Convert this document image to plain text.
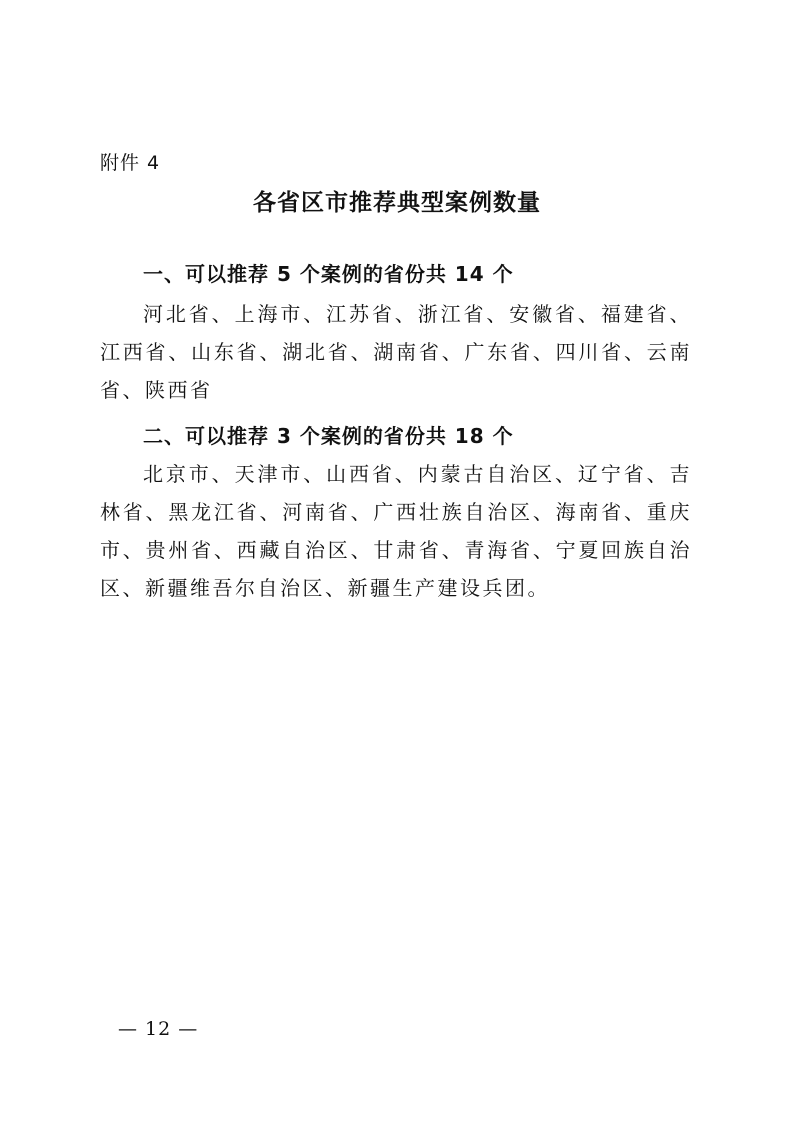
附件 4
各省区市推荐典型案例数量
一、可以推荐 5 个案例的省份共 14 个
河北省、上海市、江苏省、浙江省、安徽省、福建省、江西省、山东省、湖北省、湖南省、广东省、四川省、云南省、陕西省
二、可以推荐 3 个案例的省份共 18 个
北京市、天津市、山西省、内蒙古自治区、辽宁省、吉林省、黑龙江省、河南省、广西壮族自治区、海南省、重庆市、贵州省、西藏自治区、甘肃省、青海省、宁夏回族自治区、新疆维吾尔自治区、新疆生产建设兵团。
— 12 —
